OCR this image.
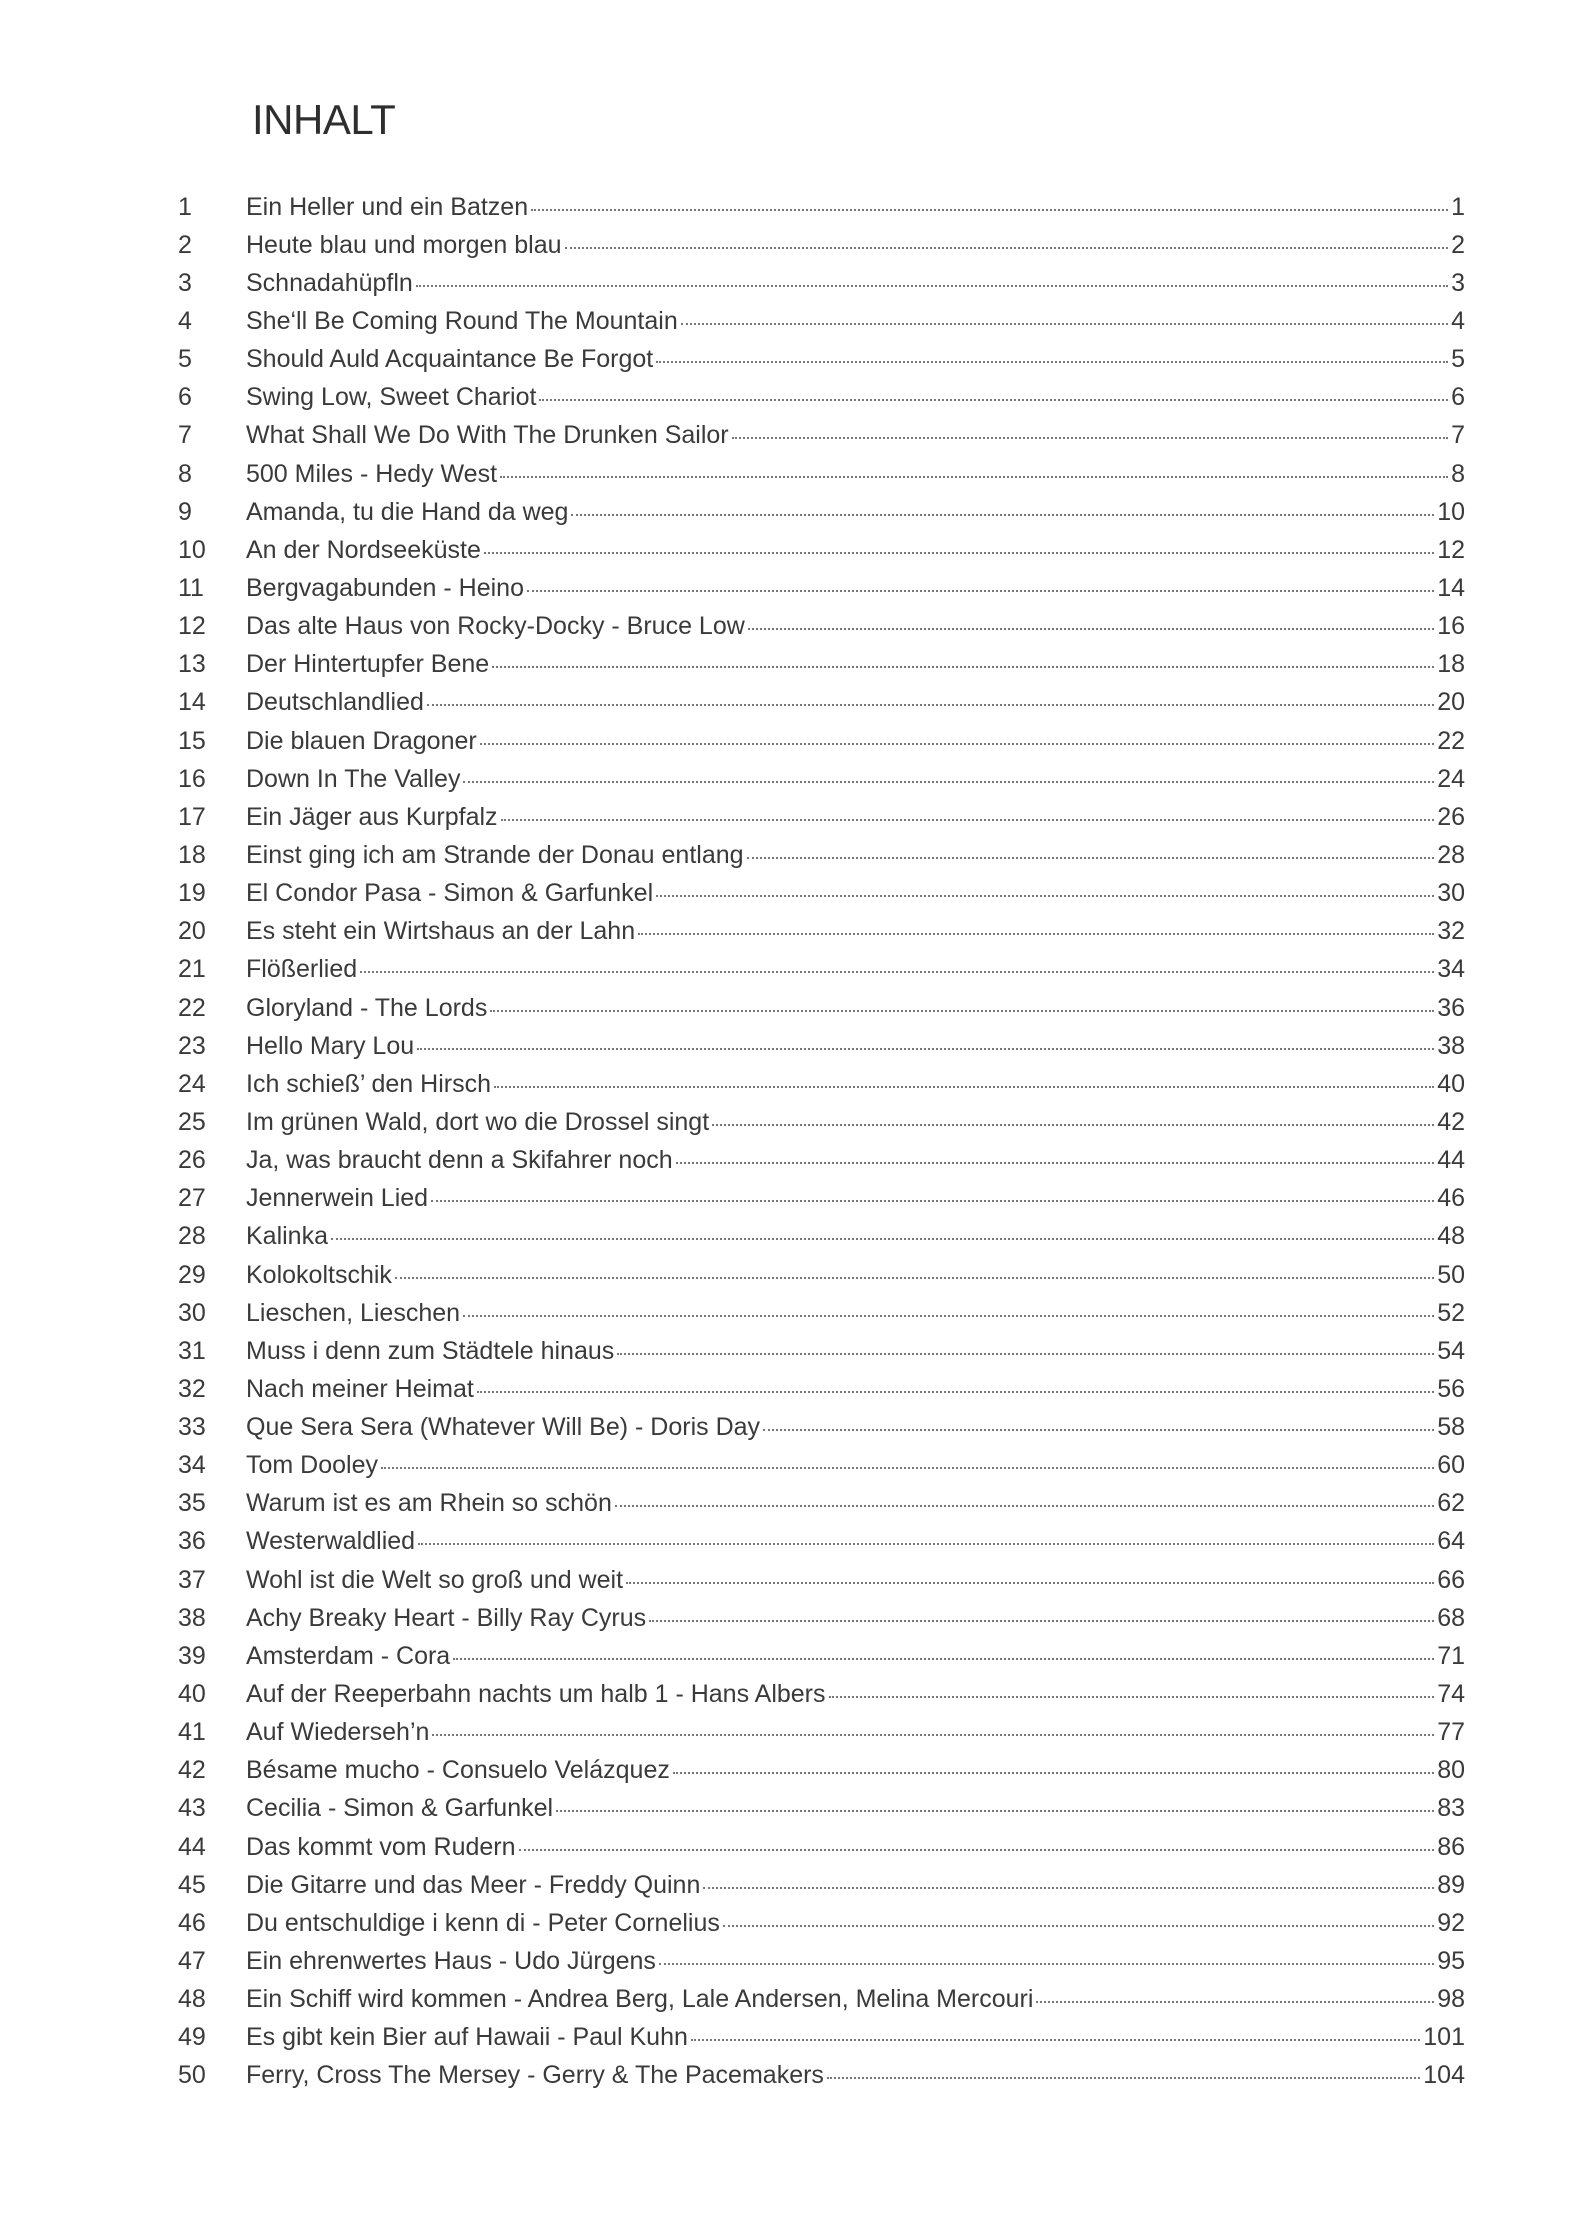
INHALT
1	Ein Heller und ein Batzen	1
2	Heute blau und morgen blau	2
3	Schnadahüpfln	3
4	She‘ll Be Coming Round The Mountain	4
5	Should Auld Acquaintance Be Forgot	5
6	Swing Low, Sweet Chariot	6
7	What Shall We Do With The Drunken Sailor	7
8	500 Miles - Hedy West	8
9	Amanda, tu die Hand da weg	10
10	An der Nordseeküste	12
11	Bergvagabunden - Heino	14
12	Das alte Haus von Rocky-Docky - Bruce Low	16
13	Der Hintertupfer Bene	18
14	Deutschlandlied	20
15	Die blauen Dragoner	22
16	Down In The Valley	24
17	Ein Jäger aus Kurpfalz	26
18	Einst ging ich am Strande der Donau entlang	28
19	El Condor Pasa - Simon & Garfunkel	30
20	Es steht ein Wirtshaus an der Lahn	32
21	Flößerlied	34
22	Gloryland - The Lords	36
23	Hello Mary Lou	38
24	Ich schieß’ den Hirsch	40
25	Im grünen Wald, dort wo die Drossel singt	42
26	Ja, was braucht denn a Skifahrer noch	44
27	Jennerwein Lied	46
28	Kalinka	48
29	Kolokoltschik	50
30	Lieschen, Lieschen	52
31	Muss i denn zum Städtele hinaus	54
32	Nach meiner Heimat	56
33	Que Sera Sera (Whatever Will Be) - Doris Day	58
34	Tom Dooley	60
35	Warum ist es am Rhein so schön	62
36	Westerwaldlied	64
37	Wohl ist die Welt so groß und weit	66
38	Achy Breaky Heart - Billy Ray Cyrus	68
39	Amsterdam - Cora	71
40	Auf der Reeperbahn nachts um halb 1 - Hans Albers	74
41	Auf Wiederseh’n	77
42	Bésame mucho - Consuelo Velázquez	80
43	Cecilia - Simon & Garfunkel	83
44	Das kommt vom Rudern	86
45	Die Gitarre und das Meer - Freddy Quinn	89
46	Du entschuldige i kenn di - Peter Cornelius	92
47	Ein ehrenwertes Haus - Udo Jürgens	95
48	Ein Schiff wird kommen - Andrea Berg, Lale Andersen, Melina Mercouri	98
49	Es gibt kein Bier auf Hawaii - Paul Kuhn	101
50	Ferry, Cross The Mersey - Gerry & The Pacemakers	104
